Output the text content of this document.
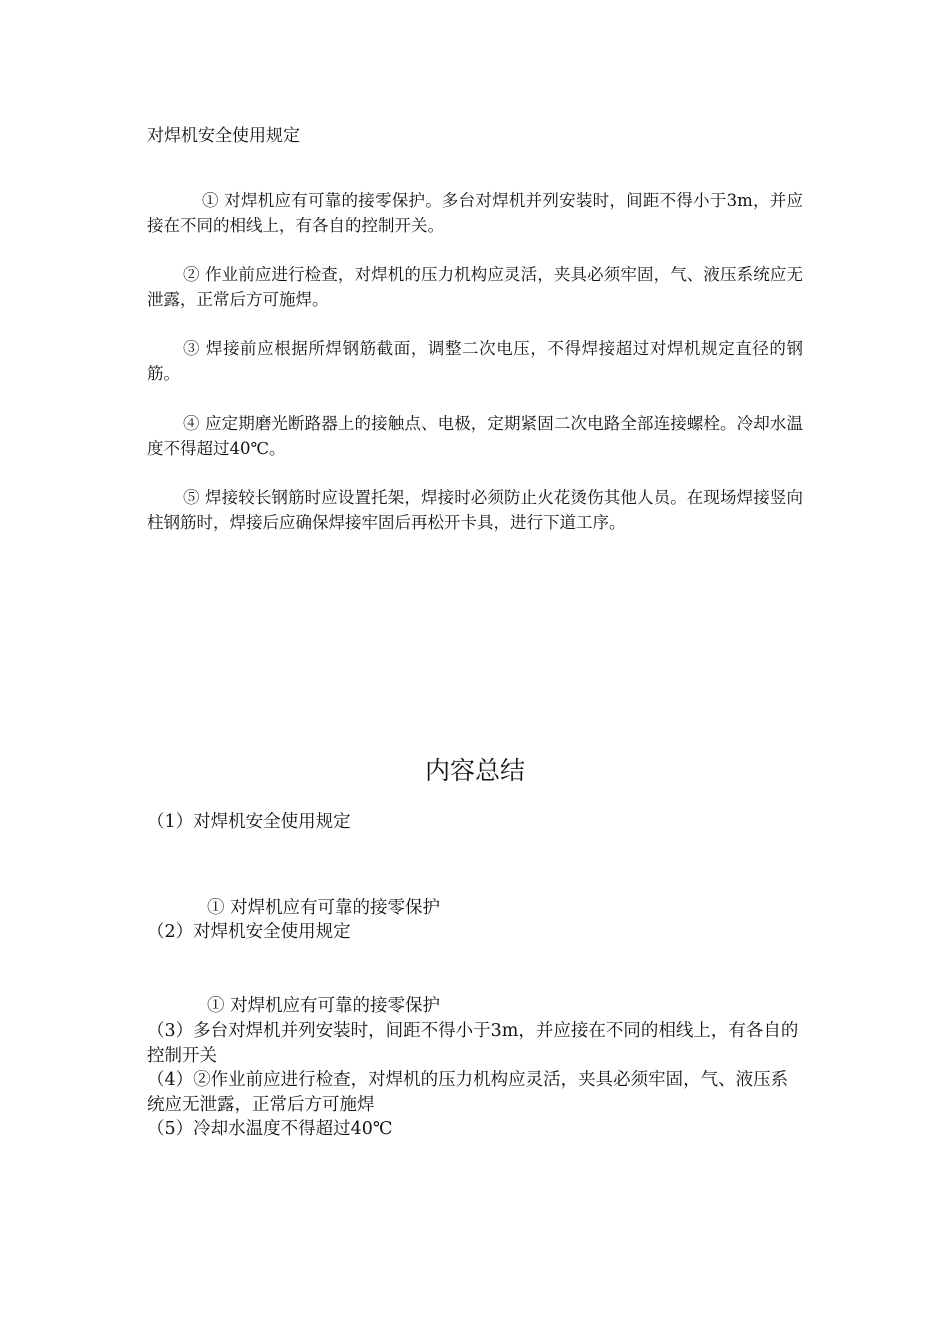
对焊机安全使用规定

① 对焊机应有可靠的接零保护。多台对焊机并列安装时，间距不得小于3m，并应接在不同的相线上，有各自的控制开关。

② 作业前应进行检查，对焊机的压力机构应灵活，夹具必须牢固，气、液压系统应无泄露，正常后方可施焊。

③ 焊接前应根据所焊钢筋截面，调整二次电压，不得焊接超过对焊机规定直径的钢筋。

④ 应定期磨光断路器上的接触点、电极，定期紧固二次电路全部连接螺栓。冷却水温度不得超过40℃。

⑤ 焊接较长钢筋时应设置托架，焊接时必须防止火花烫伤其他人员。在现场焊接竖向柱钢筋时，焊接后应确保焊接牢固后再松开卡具，进行下道工序。

内容总结
（1）对焊机安全使用规定
① 对焊机应有可靠的接零保护
（2）对焊机安全使用规定
① 对焊机应有可靠的接零保护
（3）多台对焊机并列安装时，间距不得小于3m，并应接在不同的相线上，有各自的控制开关
（4）②作业前应进行检查，对焊机的压力机构应灵活，夹具必须牢固，气、液压系统应无泄露，正常后方可施焊
（5）冷却水温度不得超过40℃
